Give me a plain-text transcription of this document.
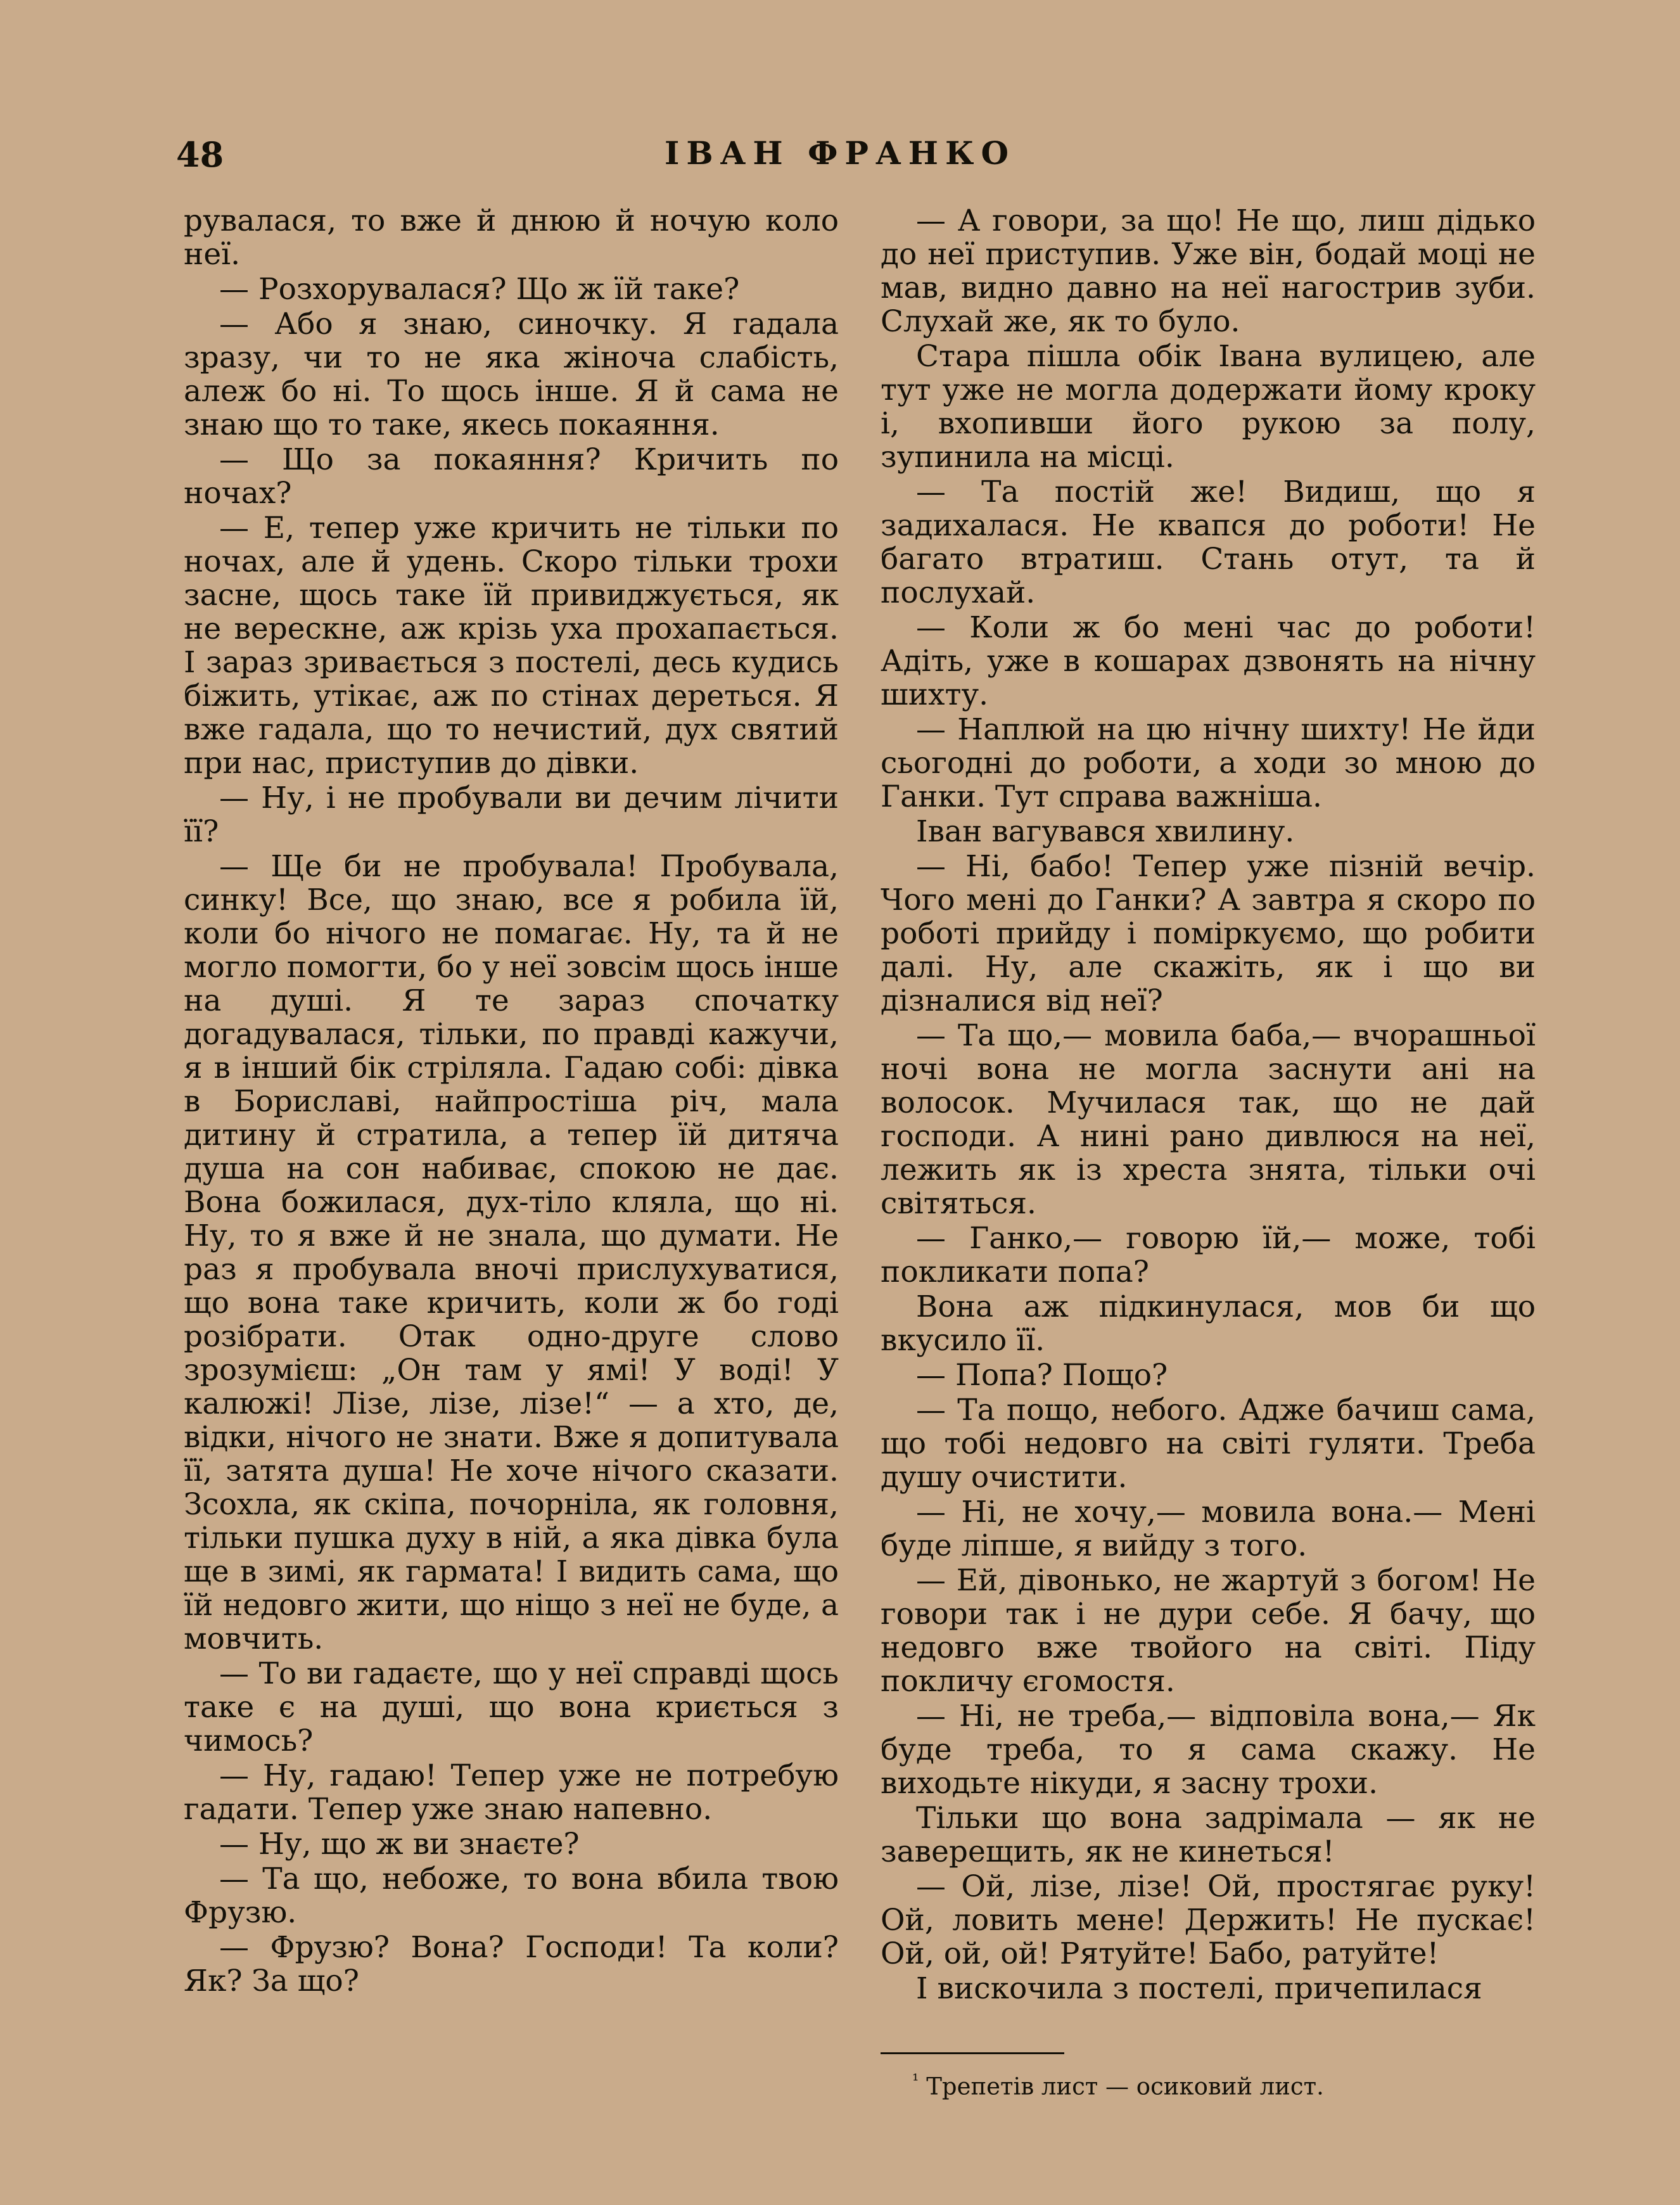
48	ІВАН ФРАНКО

рувалася, то вже й днюю й ночую коло неї.

— Розхорувалася? Що ж їй таке?

— Або я знаю, синочку. Я гадала зразу, чи то не яка жіноча слабість, алеж бо ні. То щось інше. Я й сама не знаю що то таке, якесь покаяння.

— Що за покаяння? Кричить по ночах?

— Е, тепер уже кричить не тільки по ночах, але й удень. Скоро тільки трохи засне, щось таке їй привиджується, як не верескне, аж крізь уха прохапається. І зараз зривається з постелі, десь кудись біжить, утікає, аж по стінах дереться. Я вже гадала, що то нечистий, дух святий при нас, приступив до дівки.

— Ну, і не пробували ви дечим лічити її?

— Ще би не пробувала! Пробувала, синку! Все, що знаю, все я робила їй, коли бо нічого не помагає. Ну, та й не могло помогти, бо у неї зовсім щось інше на душі. Я те зараз спочатку догадувалася, тільки, по правді кажучи, я в інший бік стріляла. Гадаю собі: дівка в Бориславі, найпростіша річ, мала дитину й стратила, а тепер їй дитяча душа на сон набиває, спокою не дає. Вона божилася, дух-тіло кляла, що ні. Ну, то я вже й не знала, що думати. Не раз я пробувала вночі прислухуватися, що вона таке кричить, коли ж бо годі розібрати. Отак одно-друге слово зрозумієш: „Он там у ямі! У воді! У калюжі! Лізе, лізе, лізе!“ — а хто, де, відки, нічого не знати. Вже я допитувала її, затята душа! Не хоче нічого сказати. Зсохла, як скіпа, почорніла, як головня, тільки пушка духу в ній, а яка дівка була ще в зимі, як гармата! І видить сама, що їй недовго жити, що ніщо з неї не буде, а мовчить.

— То ви гадаєте, що у неї справді щось таке є на душі, що вона криється з чимось?

— Ну, гадаю! Тепер уже не потребую гадати. Тепер уже знаю напевно.

— Ну, що ж ви знаєте?

— Та що, небоже, то вона вбила твою Фрузю.

— Фрузю? Вона? Господи! Та коли? Як? За що?

— А говори, за що! Не що, лиш дідько до неї приступив. Уже він, бодай моці не мав, видно давно на неї нагострив зуби. Слухай же, як то було.

Стара пішла обік Івана вулицею, але тут уже не могла додержати йому кроку і, вхопивши його рукою за полу, зупинила на місці.

— Та постій же! Видиш, що я задихалася. Не квапся до роботи! Не багато втратиш. Стань отут, та й послухай.

— Коли ж бо мені час до роботи! Адіть, уже в кошарах дзвонять на нічну шихту.

— Наплюй на цю нічну шихту! Не йди сьогодні до роботи, а ходи зо мною до Ганки. Тут справа важніша.

Іван вагувався хвилину.

— Ні, бабо! Тепер уже пізній вечір. Чого мені до Ганки? А завтра я скоро по роботі прийду і поміркуємо, що робити далі. Ну, але скажіть, як і що ви дізналися від неї?

— Та що,— мовила баба,— вчорашньої ночі вона не могла заснути ані на волосок. Мучилася так, що не дай господи. А нині рано дивлюся на неї, лежить як із хреста знята, тільки очі світяться.

— Ганко,— говорю їй,— може, тобі покликати попа?

Вона аж підкинулася, мов би що вкусило її.

— Попа? Пощо?

— Та пощо, небого. Адже бачиш сама, що тобі недовго на світі гуляти. Треба душу очистити.

— Ні, не хочу,— мовила вона.— Мені буде ліпше, я вийду з того.

— Ей, дівонько, не жартуй з богом! Не говори так і не дури себе. Я бачу, що недовго вже твойого на світі. Піду покличу єгомостя.

— Ні, не треба,— відповіла вона,— Як буде треба, то я сама скажу. Не виходьте нікуди, я засну трохи.

Тільки що вона задрімала — як не заверещить, як не кинеться!

— Ой, лізе, лізе! Ой, простягає руку! Ой, ловить мене! Держить! Не пускає! Ой, ой, ой! Рятуйте! Бабо, ратуйте!

І вискочила з постелі, причепилася

$^{^1}$ Трепетів лист — осиковий лист.
